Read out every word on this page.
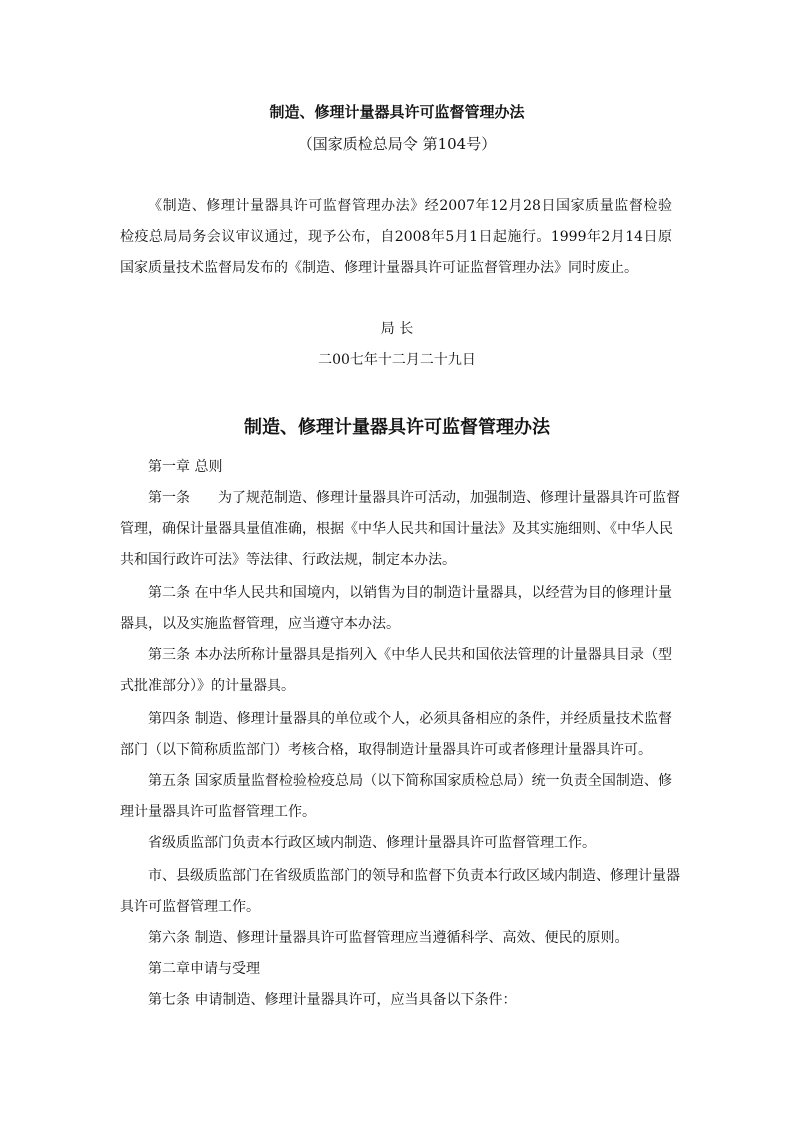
制造、修理计量器具许可监督管理办法
（国家质检总局令 第104号）
《制造、修理计量器具许可监督管理办法》经2007年12月28日国家质量监督检验
检疫总局局务会议审议通过，现予公布，自2008年5月1日起施行。1999年2月14日原
国家质量技术监督局发布的《制造、修理计量器具许可证监督管理办法》同时废止。
局 长
二00七年十二月二十九日
制造、修理计量器具许可监督管理办法
第一章 总则
第一条 为了规范制造、修理计量器具许可活动，加强制造、修理计量器具许可监督
管理，确保计量器具量值准确，根据《中华人民共和国计量法》及其实施细则、《中华人民
共和国行政许可法》等法律、行政法规，制定本办法。
第二条 在中华人民共和国境内，以销售为目的制造计量器具，以经营为目的修理计量
器具，以及实施监督管理，应当遵守本办法。
第三条 本办法所称计量器具是指列入《中华人民共和国依法管理的计量器具目录（型
式批准部分）》的计量器具。
第四条 制造、修理计量器具的单位或个人，必须具备相应的条件，并经质量技术监督
部门（以下简称质监部门）考核合格，取得制造计量器具许可或者修理计量器具许可。
第五条 国家质量监督检验检疫总局（以下简称国家质检总局）统一负责全国制造、修
理计量器具许可监督管理工作。
省级质监部门负责本行政区域内制造、修理计量器具许可监督管理工作。
市、县级质监部门在省级质监部门的领导和监督下负责本行政区域内制造、修理计量器
具许可监督管理工作。
第六条 制造、修理计量器具许可监督管理应当遵循科学、高效、便民的原则。
第二章申请与受理
第七条 申请制造、修理计量器具许可，应当具备以下条件：
